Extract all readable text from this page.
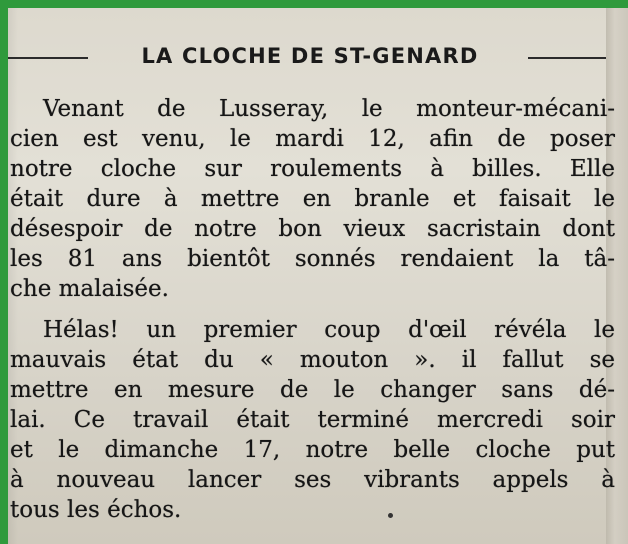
LA CLOCHE DE ST-GENARD
Venant de Lusseray, le monteur-mécani-
cien est venu, le mardi 12, afin de poser
notre cloche sur roulements à billes. Elle
était dure à mettre en branle et faisait le
désespoir de notre bon vieux sacristain dont
les 81 ans bientôt sonnés rendaient la tâ-
che malaisée.
Hélas! un premier coup d'œil révéla le
mauvais état du « mouton ». il fallut se
mettre en mesure de le changer sans dé-
lai. Ce travail était terminé mercredi soir
et le dimanche 17, notre belle cloche put
à nouveau lancer ses vibrants appels à
tous les échos.
